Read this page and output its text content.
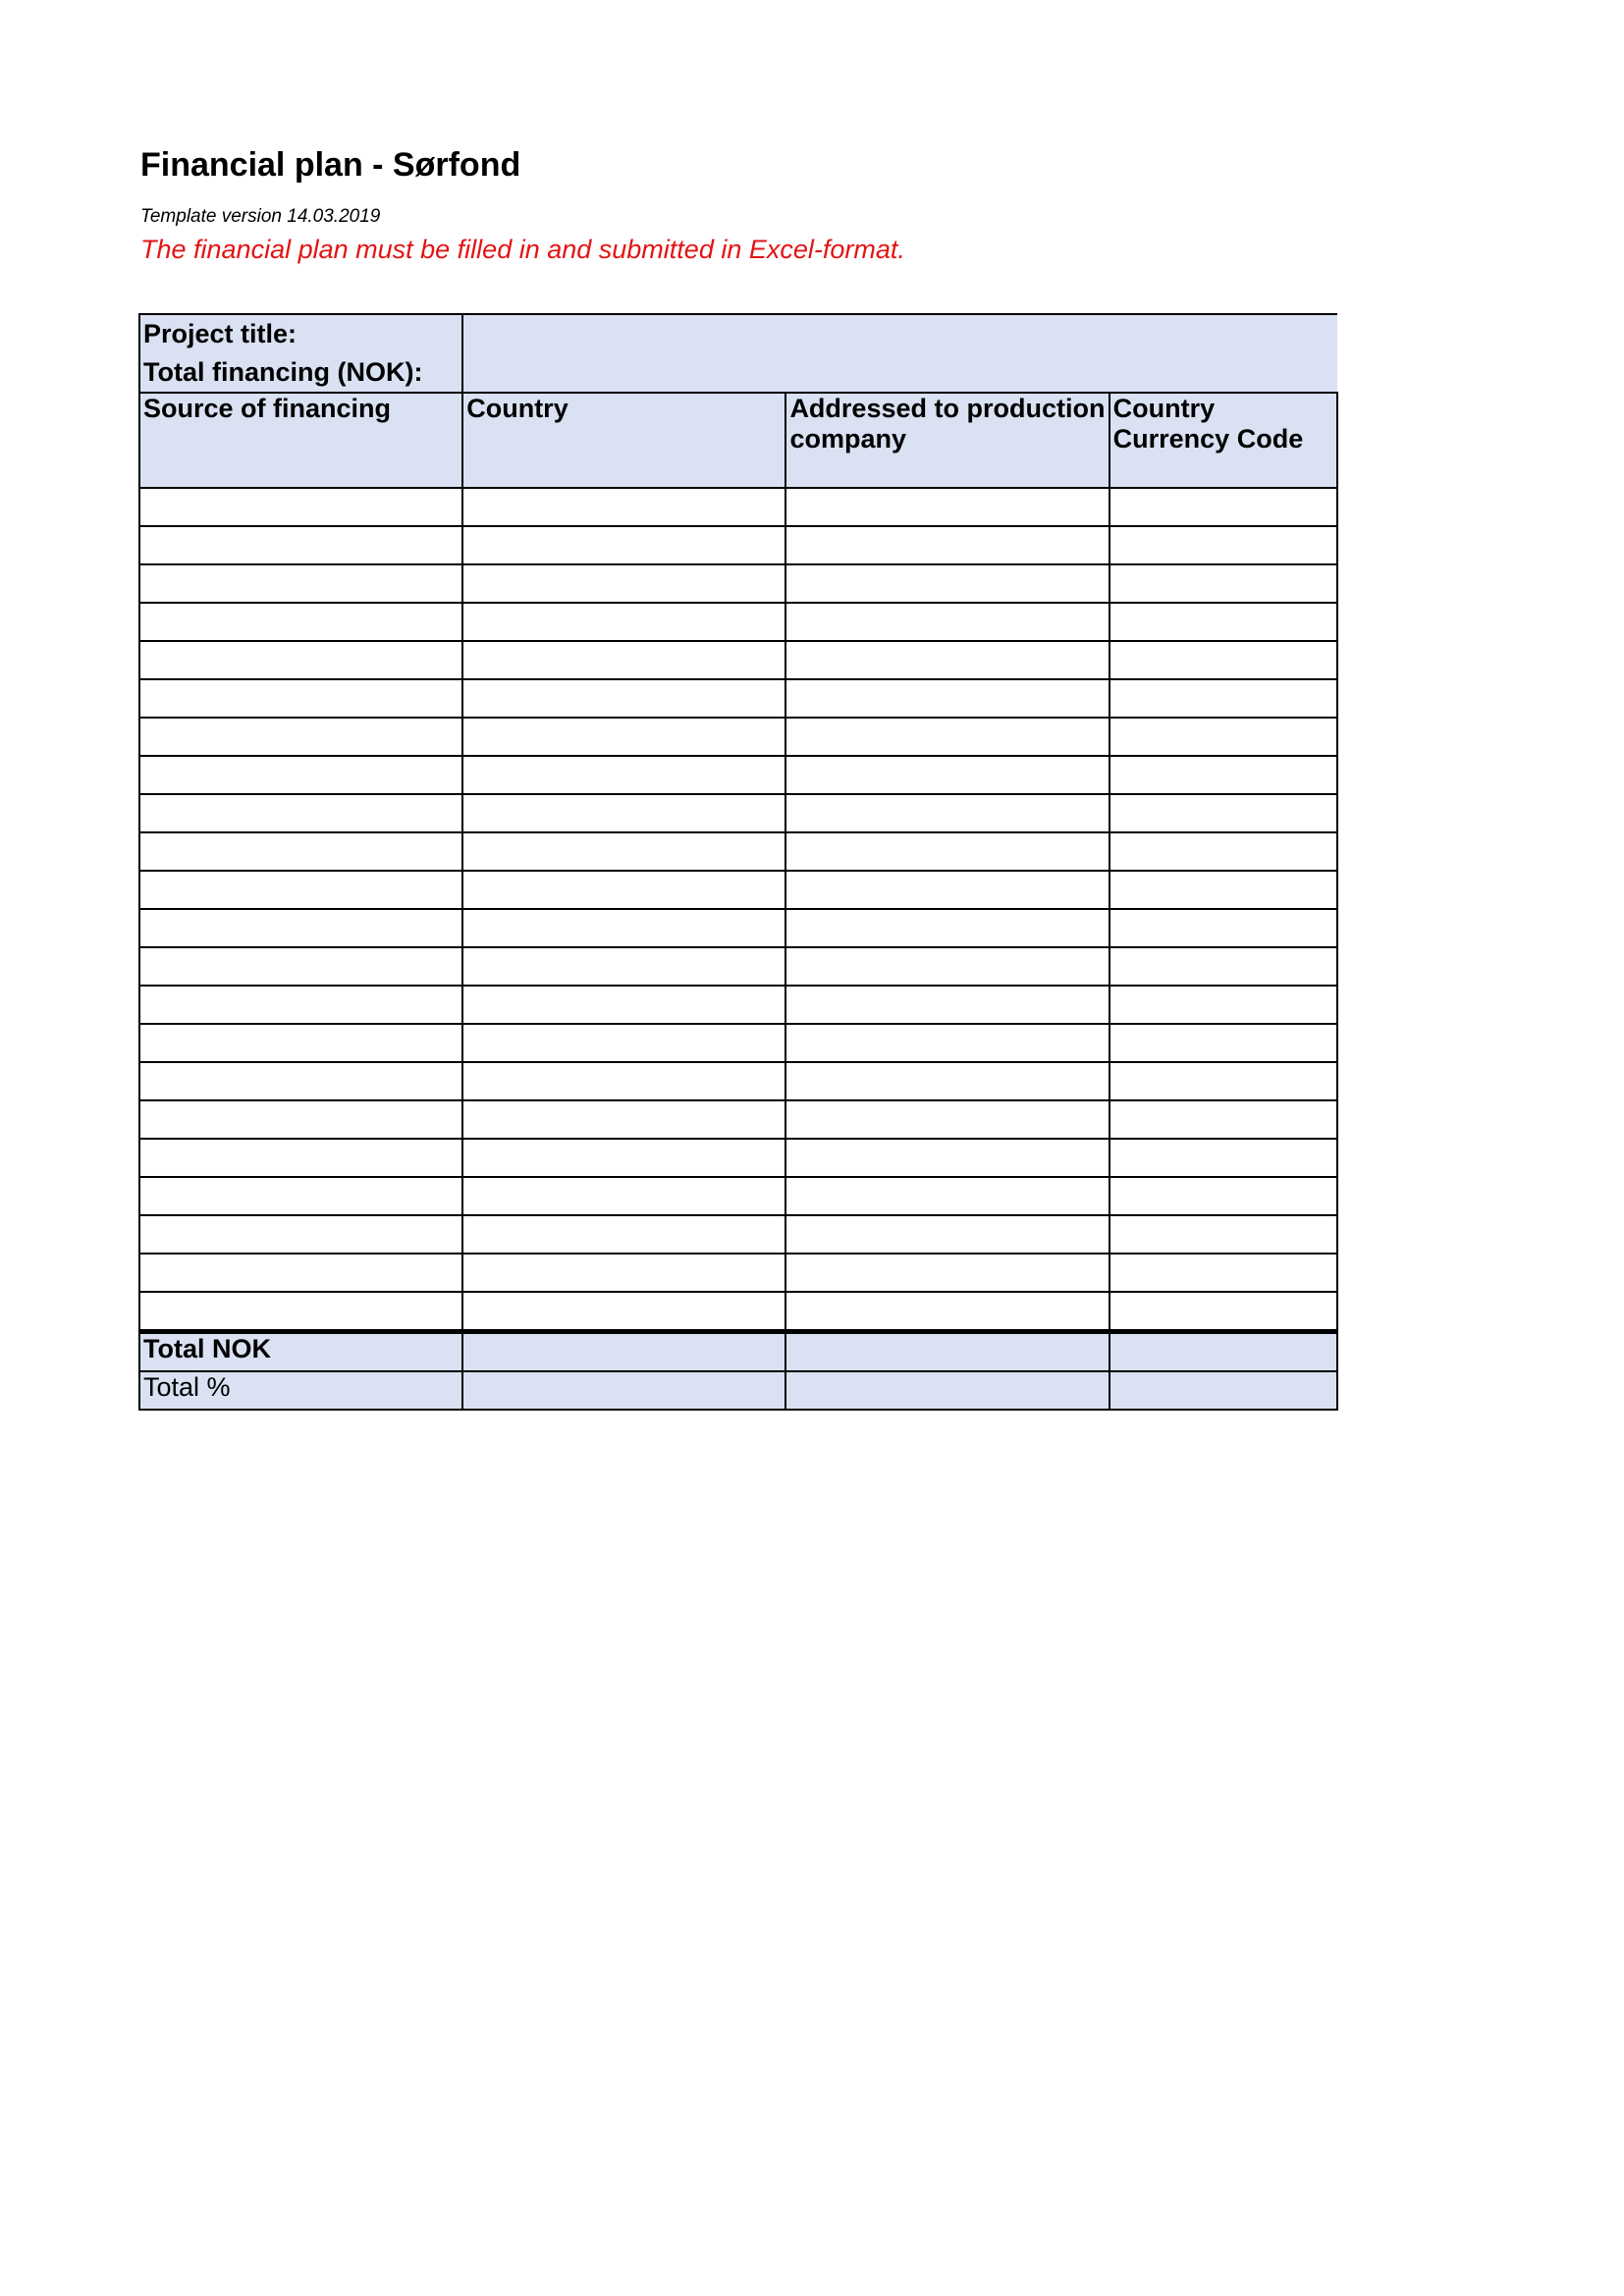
Financial plan - Sørfond
Template version 14.03.2019
The financial plan must be filled in and submitted in Excel-format.
Project title:
Total financing (NOK):			

Source of financing	Country	Addressed to production company	Country Currency Code

Total NOK			
Total %			
